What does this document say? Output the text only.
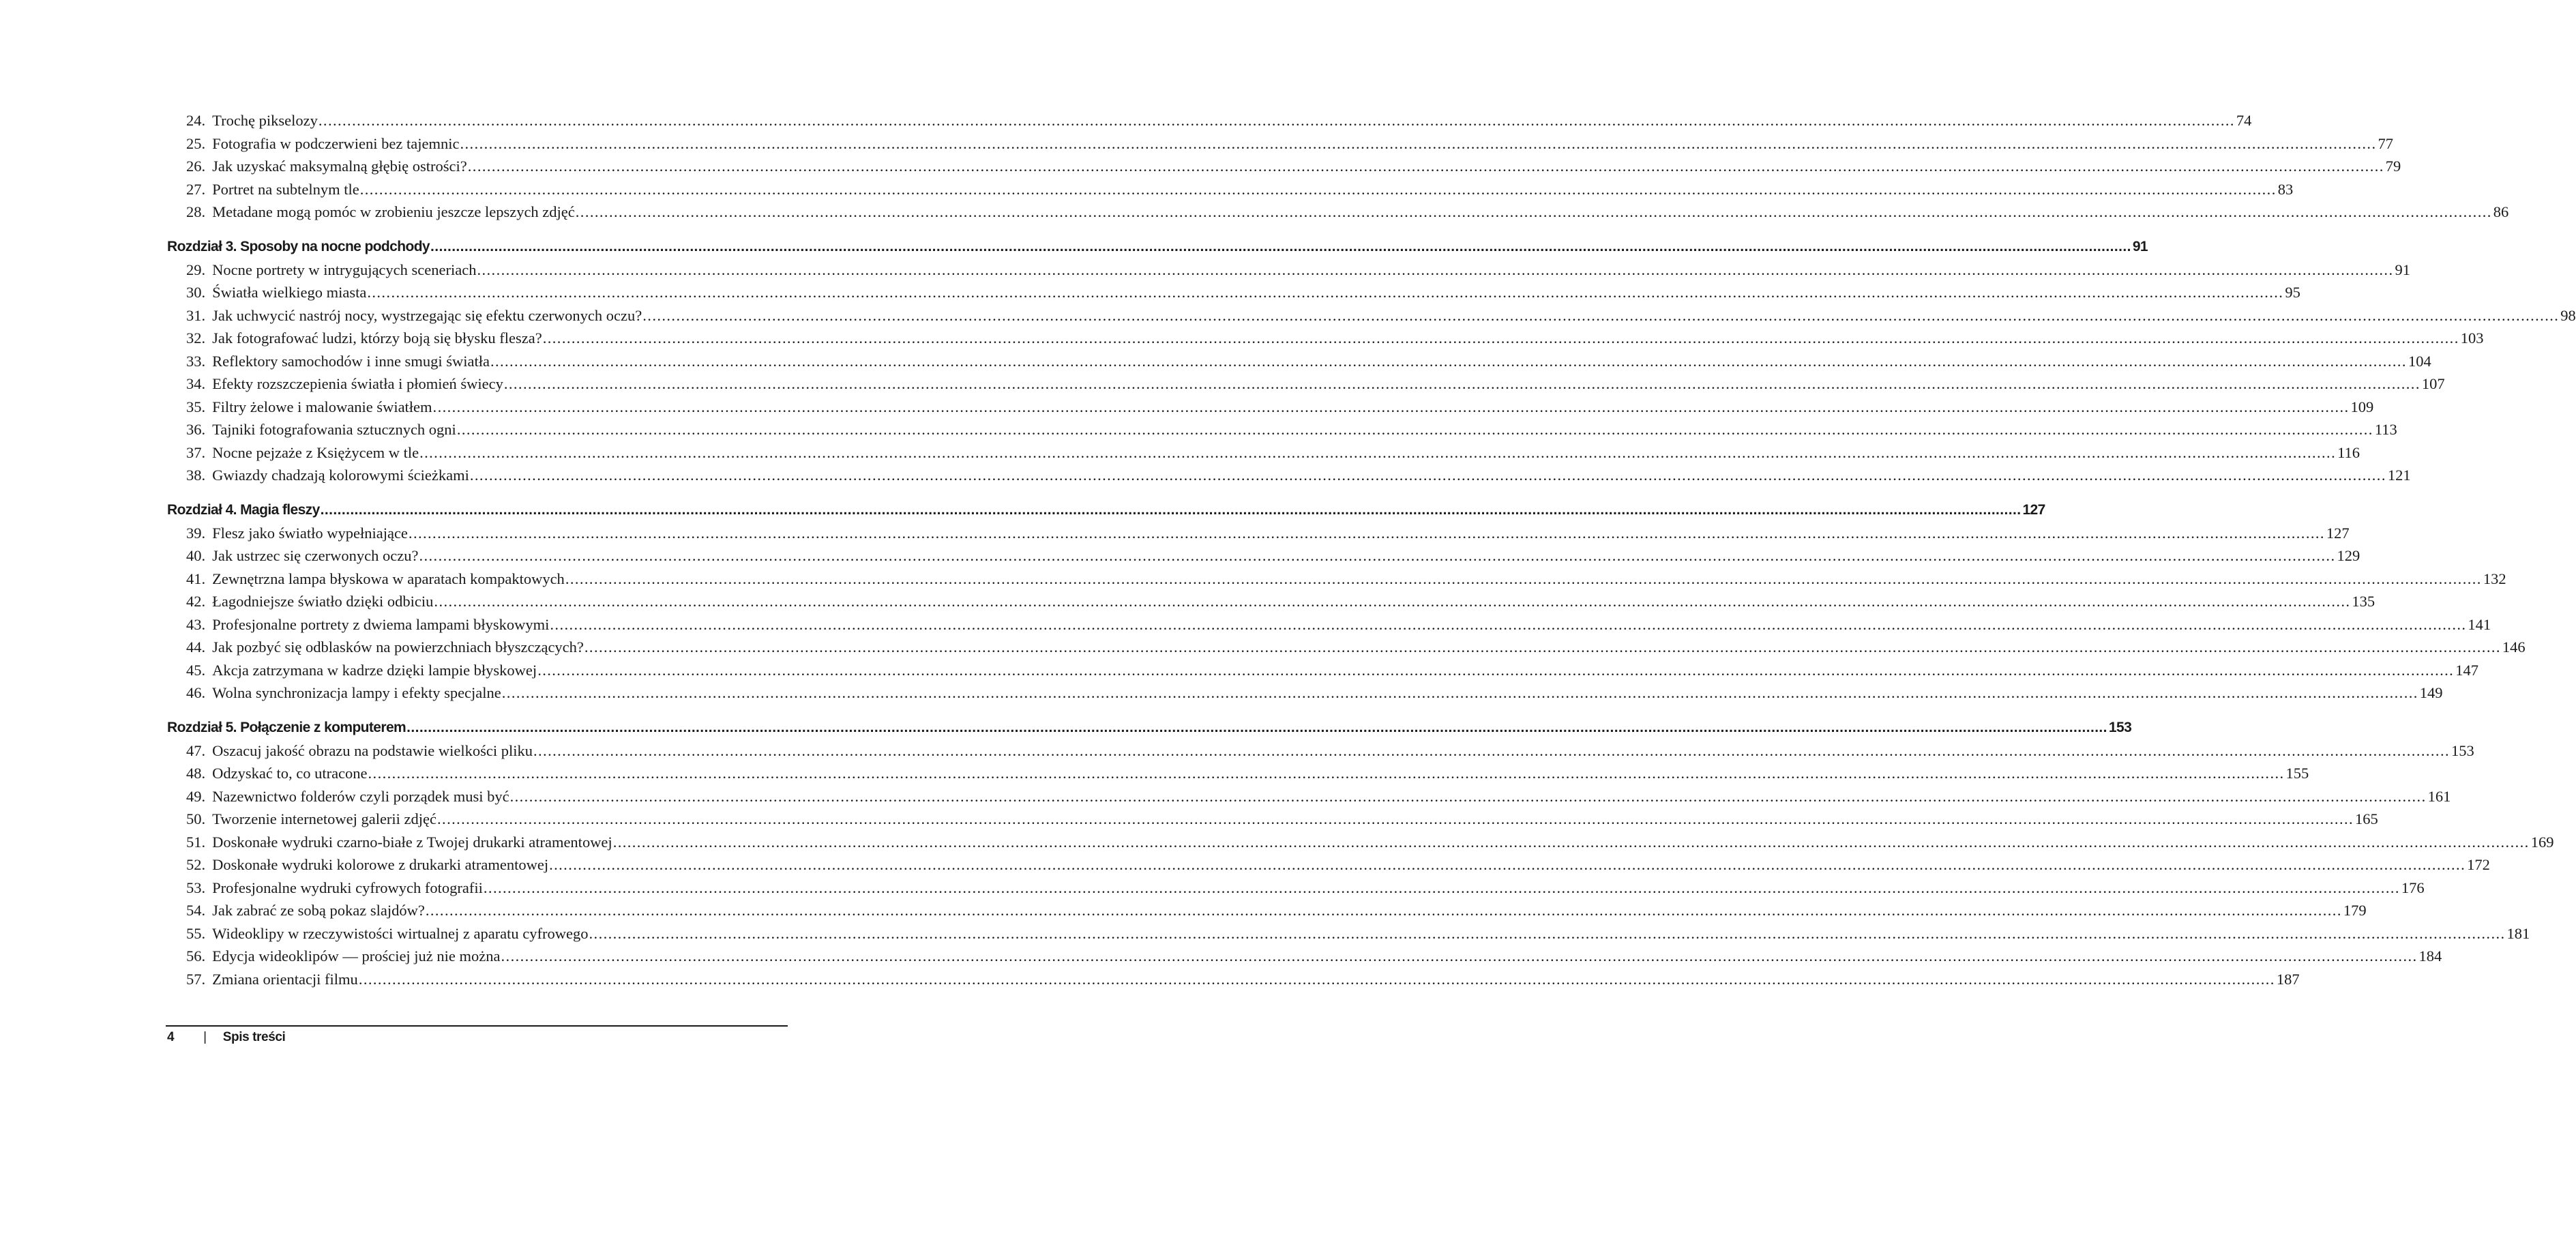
24. Trochę pikselozy ................................................................................................................................................................................................................................................................................................................................................................................................................ 74
25. Fotografia w podczerwieni bez tajemnic ................................................................................................................................................................................................................................................................................................................................................................................................................ 77
26. Jak uzyskać maksymalną głębię ostrości? ................................................................................................................................................................................................................................................................................................................................................................................................................ 79
27. Portret na subtelnym tle ................................................................................................................................................................................................................................................................................................................................................................................................................ 83
28. Metadane mogą pomóc w zrobieniu jeszcze lepszych zdjęć ................................................................................................................................................................................................................................................................................................................................................................................................................ 86
Rozdział 3. Sposoby na nocne podchody ................................................................................................................................................................................................................................................................................................................................................................................................................ 91
29. Nocne portrety w intrygujących sceneriach ................................................................................................................................................................................................................................................................................................................................................................................................................ 91
30. Światła wielkiego miasta ................................................................................................................................................................................................................................................................................................................................................................................................................ 95
31. Jak uchwycić nastrój nocy, wystrzegając się efektu czerwonych oczu? ................................................................................................................................................................................................................................................................................................................................................................................................................ 98
32. Jak fotografować ludzi, którzy boją się błysku flesza? ................................................................................................................................................................................................................................................................................................................................................................................................................ 103
33. Reflektory samochodów i inne smugi światła ................................................................................................................................................................................................................................................................................................................................................................................................................ 104
34. Efekty rozszczepienia światła i płomień świecy ................................................................................................................................................................................................................................................................................................................................................................................................................ 107
35. Filtry żelowe i malowanie światłem ................................................................................................................................................................................................................................................................................................................................................................................................................ 109
36. Tajniki fotografowania sztucznych ogni ................................................................................................................................................................................................................................................................................................................................................................................................................ 113
37. Nocne pejzaże z Księżycem w tle ................................................................................................................................................................................................................................................................................................................................................................................................................ 116
38. Gwiazdy chadzają kolorowymi ścieżkami ................................................................................................................................................................................................................................................................................................................................................................................................................ 121
Rozdział 4. Magia fleszy ................................................................................................................................................................................................................................................................................................................................................................................................................ 127
39. Flesz jako światło wypełniające ................................................................................................................................................................................................................................................................................................................................................................................................................ 127
40. Jak ustrzec się czerwonych oczu? ................................................................................................................................................................................................................................................................................................................................................................................................................ 129
41. Zewnętrzna lampa błyskowa w aparatach kompaktowych ................................................................................................................................................................................................................................................................................................................................................................................................................ 132
42. Łagodniejsze światło dzięki odbiciu ................................................................................................................................................................................................................................................................................................................................................................................................................ 135
43. Profesjonalne portrety z dwiema lampami błyskowymi ................................................................................................................................................................................................................................................................................................................................................................................................................ 141
44. Jak pozbyć się odblasków na powierzchniach błyszczących? ................................................................................................................................................................................................................................................................................................................................................................................................................ 146
45. Akcja zatrzymana w kadrze dzięki lampie błyskowej ................................................................................................................................................................................................................................................................................................................................................................................................................ 147
46. Wolna synchronizacja lampy i efekty specjalne ................................................................................................................................................................................................................................................................................................................................................................................................................ 149
Rozdział 5. Połączenie z komputerem ................................................................................................................................................................................................................................................................................................................................................................................................................ 153
47. Oszacuj jakość obrazu na podstawie wielkości pliku ................................................................................................................................................................................................................................................................................................................................................................................................................ 153
48. Odzyskać to, co utracone ................................................................................................................................................................................................................................................................................................................................................................................................................ 155
49. Nazewnictwo folderów czyli porządek musi być ................................................................................................................................................................................................................................................................................................................................................................................................................ 161
50. Tworzenie internetowej galerii zdjęć ................................................................................................................................................................................................................................................................................................................................................................................................................ 165
51. Doskonałe wydruki czarno-białe z Twojej drukarki atramentowej ................................................................................................................................................................................................................................................................................................................................................................................................................ 169
52. Doskonałe wydruki kolorowe z drukarki atramentowej ................................................................................................................................................................................................................................................................................................................................................................................................................ 172
53. Profesjonalne wydruki cyfrowych fotografii ................................................................................................................................................................................................................................................................................................................................................................................................................ 176
54. Jak zabrać ze sobą pokaz slajdów? ................................................................................................................................................................................................................................................................................................................................................................................................................ 179
55. Wideoklipy w rzeczywistości wirtualnej z aparatu cyfrowego ................................................................................................................................................................................................................................................................................................................................................................................................................ 181
56. Edycja wideoklipów — prościej już nie można ................................................................................................................................................................................................................................................................................................................................................................................................................ 184
57. Zmiana orientacji filmu ................................................................................................................................................................................................................................................................................................................................................................................................................ 187
4 | Spis treści
